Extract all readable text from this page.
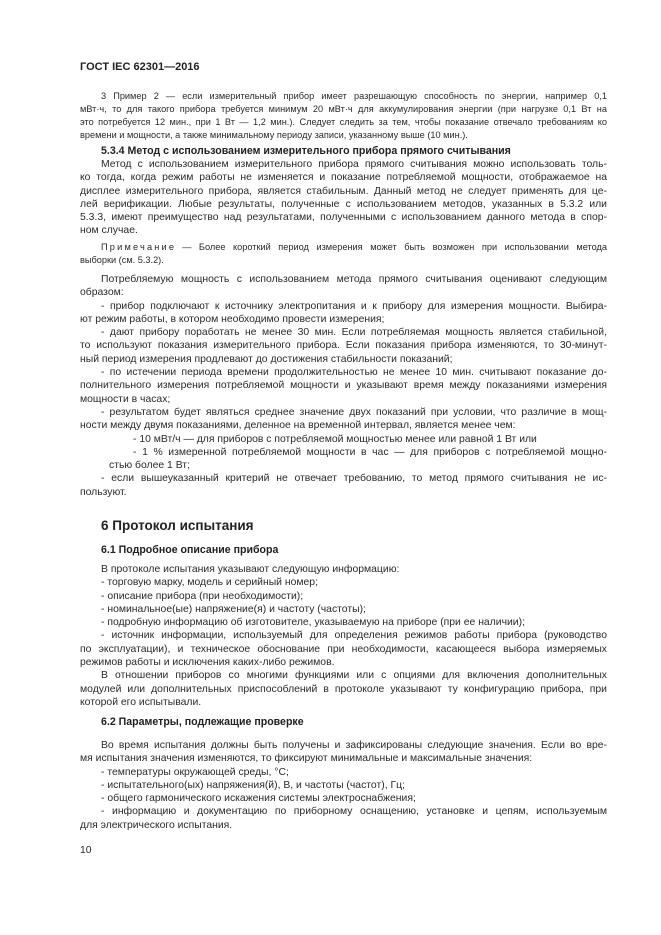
ГОСТ IEC 62301—2016
3 Пример 2 — если измерительный прибор имеет разрешающую способность по энергии, например 0,1
мВт·ч, то для такого прибора требуется минимум 20 мВт·ч для аккумулирования энергии (при нагрузке 0,1 Вт на
это потребуется 12 мин., при 1 Вт — 1,2 мин.). Следует следить за тем, чтобы показание отвечало требованиям ко
времени и мощности, а также минимальному периоду записи, указанному выше (10 мин.).
5.3.4 Метод с использованием измерительного прибора прямого считывания
Метод с использованием измерительного прибора прямого считывания можно использовать толь-
ко тогда, когда режим работы не изменяется и показание потребляемой мощности, отображаемое на
дисплее измерительного прибора, является стабильным. Данный метод не следует применять для це-
лей верификации. Любые результаты, полученные с использованием методов, указанных в 5.3.2 или
5.3.3, имеют преимущество над результатами, полученными с использованием данного метода в спор-
ном случае.
Примечание — Более короткий период измерения может быть возможен при использовании метода
выборки (см. 5.3.2).
Потребляемую мощность с использованием метода прямого считывания оценивают следующим
образом:
- прибор подключают к источнику электропитания и к прибору для измерения мощности. Выбира-
ют режим работы, в котором необходимо провести измерения;
- дают прибору поработать не менее 30 мин. Если потребляемая мощность является стабильной,
то используют показания измерительного прибора. Если показания прибора изменяются, то 30-минут-
ный период измерения продлевают до достижения стабильности показаний;
- по истечении периода времени продолжительностью не менее 10 мин. считывают показание до-
полнительного измерения потребляемой мощности и указывают время между показаниями измерения
мощности в часах;
- результатом будет являться среднее значение двух показаний при условии, что различие в мощ-
ности между двумя показаниями, деленное на временной интервал, является менее чем:
- 10 мВт/ч — для приборов с потребляемой мощностью менее или равной 1 Вт или
- 1 % измеренной потребляемой мощности в час — для приборов с потребляемой мощно-
стью более 1 Вт;
- если вышеуказанный критерий не отвечает требованию, то метод прямого считывания не ис-
пользуют.
6 Протокол испытания
6.1 Подробное описание прибора
В протоколе испытания указывают следующую информацию:
- торговую марку, модель и серийный номер;
- описание прибора (при необходимости);
- номинальное(ые) напряжение(я) и частоту (частоты);
- подробную информацию об изготовителе, указываемую на приборе (при ее наличии);
- источник информации, используемый для определения режимов работы прибора (руководство
по эксплуатации), и техническое обоснование при необходимости, касающееся выбора измеряемых
режимов работы и исключения каких-либо режимов.
В отношении приборов со многими функциями или с опциями для включения дополнительных
модулей или дополнительных приспособлений в протоколе указывают ту конфигурацию прибора, при
которой его испытывали.
6.2 Параметры, подлежащие проверке
Во время испытания должны быть получены и зафиксированы следующие значения. Если во вре-
мя испытания значения изменяются, то фиксируют минимальные и максимальные значения:
- температуры окружающей среды, °С;
- испытательного(ых) напряжения(й), В, и частоты (частот), Гц;
- общего гармонического искажения системы электроснабжения;
- информацию и документацию по приборному оснащению, установке и цепям, используемым
для электрического испытания.
10
